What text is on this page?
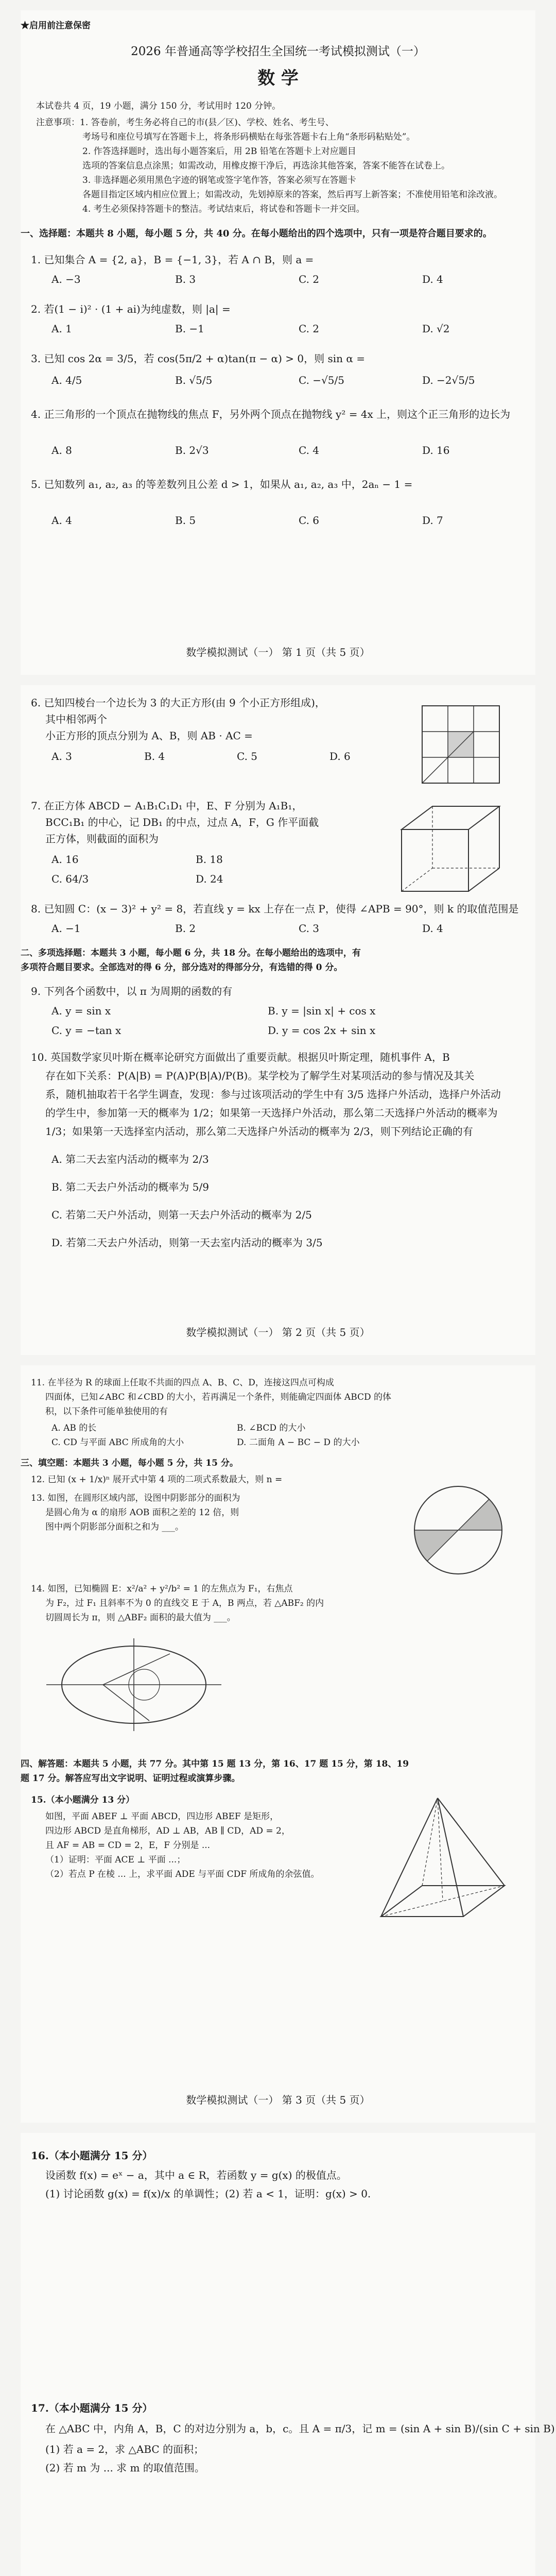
★启用前注意保密
2026 年普通高等学校招生全国统一考试模拟测试（一）
数 学
本试卷共 4 页，19 小题，满分 150 分，考试用时 120 分钟。
注意事项：1. 答卷前，考生务必将自己的市(县／区)、学校、姓名、考生号、
考场号和座位号填写在答题卡上，将条形码横贴在每张答题卡右上角“条形码粘贴处”。
2. 作答选择题时，选出每小题答案后，用 2B 铅笔在答题卡上对应题目
选项的答案信息点涂黑；如需改动，用橡皮擦干净后，再选涂其他答案，答案不能答在试卷上。
3. 非选择题必须用黑色字迹的钢笔或签字笔作答，答案必须写在答题卡
各题目指定区域内相应位置上；如需改动，先划掉原来的答案，然后再写上新答案；不准使用铅笔和涂改液。
4. 考生必须保持答题卡的整洁。考试结束后，将试卷和答题卡一并交回。
一、选择题：本题共 8 小题，每小题 5 分，共 40 分。在每小题给出的四个选项中，只有一项是符合题目要求的。
1. 已知集合 A = {2, a}，B = {−1, 3}，若 A ∩ B，则 a =
A. −3	B. 3	C. 2	D. 4
2. 若(1 − i)² · (1 + ai)为纯虚数，则 |a| =
A. 1	B. −1	C. 2	D. √2
3. 已知 cos 2α = 3/5，若 cos(5π/2 + α)tan(π − α) > 0，则 sin α =
A. 4/5	B. √5/5	C. −√5/5	D. −2√5/5
4. 正三角形的一个顶点在抛物线的焦点 F，另外两个顶点在抛物线 y² = 4x 上，则这个正三角形的边长为
A. 8	B. 2√3	C. 4	D. 16
5. 已知数列 a₁, a₂, a₃ 的等差数列且公差 d > 1，如果从 a₁, a₂, a₃ 中，2aₙ − 1 =
A. 4	B. 5	C. 6	D. 7
数学模拟测试（一） 第 1 页（共 5 页）
6. 已知四棱台一个边长为 3 的大正方形(由 9 个小正方形组成)，
其中相邻两个
小正方形的顶点分别为 A、B，则 AB · AC =
A. 3	B. 4	C. 5	D. 6
7. 在正方体 ABCD − A₁B₁C₁D₁ 中，E、F 分别为 A₁B₁，
BCC₁B₁ 的中心，记 DB₁ 的中点，过点 A，F，G 作平面截
正方体，则截面的面积为
A. 16	B. 18
C. 64/3	D. 24
8. 已知圆 C：(x − 3)² + y² = 8，若直线 y = kx 上存在一点 P，使得 ∠APB = 90°，则 k 的取值范围是
A. −1	B. 2	C. 3	D. 4
二、多项选择题：本题共 3 小题，每小题 6 分，共 18 分。在每小题给出的选项中，有
多项符合题目要求。全部选对的得 6 分，部分选对的得部分分，有选错的得 0 分。
9. 下列各个函数中，以 π 为周期的函数的有
A. y = sin x	B. y = |sin x| + cos x
C. y = −tan x	D. y = cos 2x + sin x
10. 英国数学家贝叶斯在概率论研究方面做出了重要贡献。根据贝叶斯定理，随机事件 A，B
存在如下关系：P(A|B) = P(A)P(B|A)/P(B)。某学校为了解学生对某项活动的参与情况及其关
系，随机抽取若干名学生调查，发现：参与过该项活动的学生中有 3/5 选择户外活动，选择户外活动
的学生中，参加第一天的概率为 1/2；如果第一天选择户外活动，那么第二天选择户外活动的概率为
1/3；如果第一天选择室内活动，那么第二天选择户外活动的概率为 2/3，则下列结论正确的有
A. 第二天去室内活动的概率为 2/3
B. 第二天去户外活动的概率为 5/9
C. 若第二天户外活动，则第一天去户外活动的概率为 2/5
D. 若第二天去户外活动，则第一天去室内活动的概率为 3/5
数学模拟测试（一） 第 2 页（共 5 页）
11. 在半径为 R 的球面上任取不共面的四点 A、B、C、D，连接这四点可构成
四面体，已知∠ABC 和∠CBD 的大小，若再满足一个条件，则能确定四面体 ABCD 的体
积，以下条件可能单独使用的有
A. AB 的长	B. ∠BCD 的大小
C. CD 与平面 ABC 所成角的大小	D. 二面角 A − BC − D 的大小
三、填空题：本题共 3 小题，每小题 5 分，共 15 分。
12. 已知 (x + 1/x)ⁿ 展开式中第 4 项的二项式系数最大，则 n =
13. 如图，在圆形区域内部，设图中阴影部分的面积为
是圆心角为 α 的扇形 AOB 面积之差的 12 倍，则
图中两个阴影部分面积之和为 ___。
14. 如图，已知椭圆 E：x²/a² + y²/b² = 1 的左焦点为 F₁，右焦点
为 F₂，过 F₁ 且斜率不为 0 的直线交 E 于 A，B 两点，若 △ABF₂ 的内
切圆周长为 π，则 △ABF₂ 面积的最大值为 ___。
四、解答题：本题共 5 小题，共 77 分。其中第 15 题 13 分，第 16、17 题 15 分，第 18、19
题 17 分。解答应写出文字说明、证明过程或演算步骤。
15.（本小题满分 13 分）
如图，平面 ABEF ⊥ 平面 ABCD，四边形 ABEF 是矩形，
四边形 ABCD 是直角梯形，AD ⊥ AB，AB ∥ CD，AD = 2，
且 AF = AB = CD = 2，E，F 分别是 ...
（1）证明：平面 ACE ⊥ 平面 ...；
（2）若点 P 在棱 ... 上，求平面 ADE 与平面 CDF 所成角的余弦值。
数学模拟测试（一） 第 3 页（共 5 页）
16.（本小题满分 15 分）
设函数 f(x) = eˣ − a，其中 a ∈ R，若函数 y = g(x) 的极值点。
(1) 讨论函数 g(x) = f(x)/x 的单调性；(2) 若 a < 1，证明：g(x) > 0.
17.（本小题满分 15 分）
在 △ABC 中，内角 A，B，C 的对边分别为 a，b，c。且 A = π/3，记 m = (sin A + sin B)/(sin C + sin B)
(1) 若 a = 2，求 △ABC 的面积；
(2) 若 m 为 ... 求 m 的取值范围。
